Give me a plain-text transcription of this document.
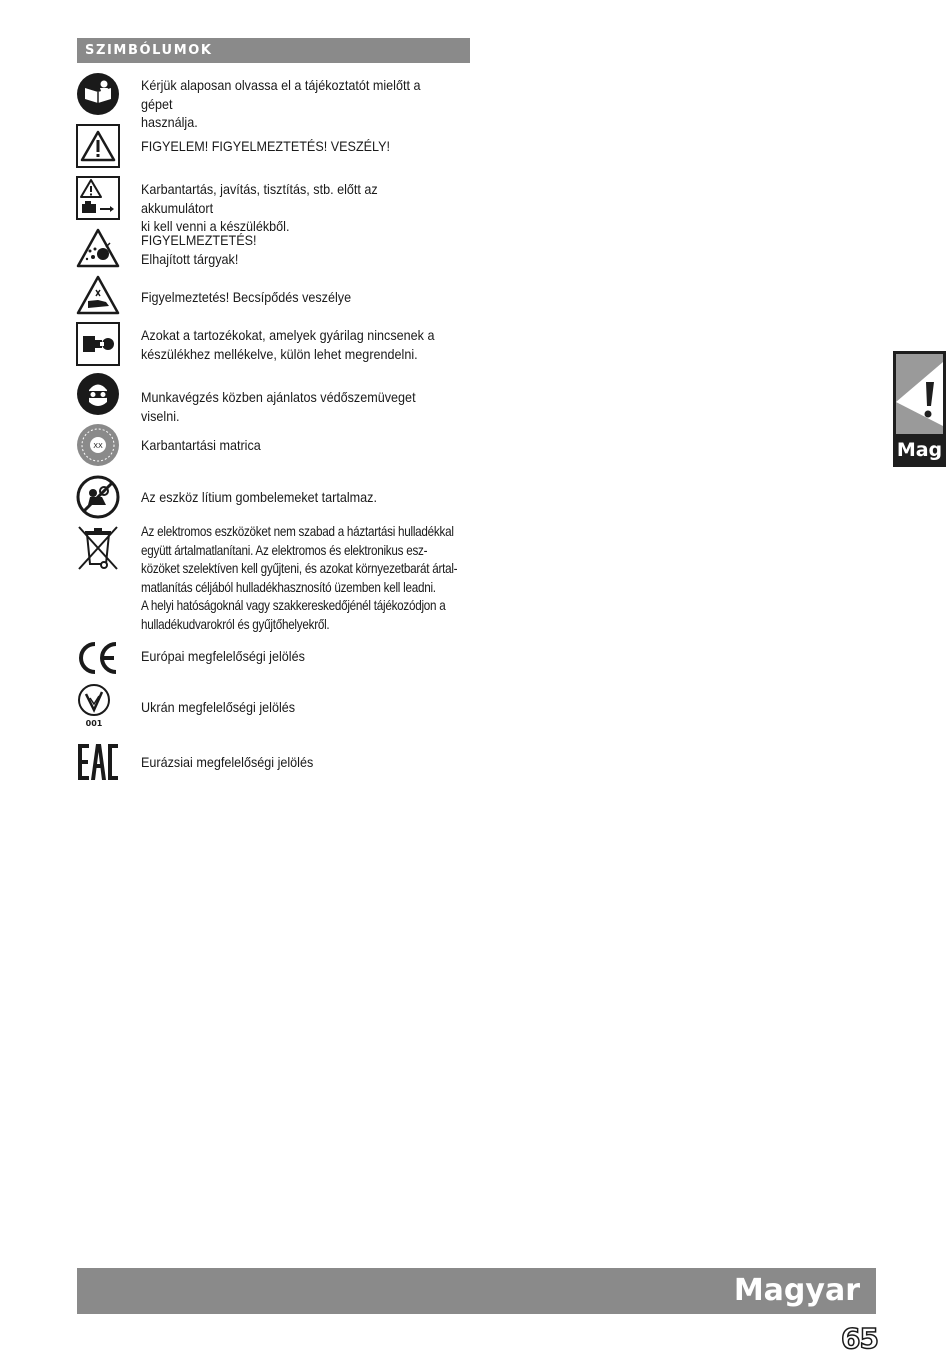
SZIMBÓLUMOK
Kérjük alaposan olvassa el a tájékoztatót mielőtt a gépet
használja.
FIGYELEM! FIGYELMEZTETÉS! VESZÉLY!
Karbantartás, javítás, tisztítás, stb. előtt az akkumulátort
ki kell venni a készülékből.
FIGYELMEZTETÉS!
Elhajított tárgyak!
Figyelmeztetés! Becsípődés veszélye
Azokat a tartozékokat, amelyek gyárilag nincsenek a
készülékhez mellékelve, külön lehet megrendelni.
Munkavégzés közben ajánlatos védőszemüveget viselni.
XX	Karbantartási matrica
Az eszköz lítium gombelemeket tartalmaz.
Az elektromos eszközöket nem szabad a háztartási hulladékkal
együtt ártalmatlanítani. Az elektromos és elektronikus esz-
közöket szelektíven kell gyűjteni, és azokat környezetbarát ártal-
matlanítás céljából hulladékhasznosító üzemben kell leadni.
A helyi hatóságoknál vagy szakkereskedőjénél tájékozódjon a
hulladékudvarokról és gyűjtőhelyekről.
Európai megfelelőségi jelölés
001
Ukrán megfelelőségi jelölés
Eurázsiai megfelelőségi jelölés
Mag
Magyar
65
